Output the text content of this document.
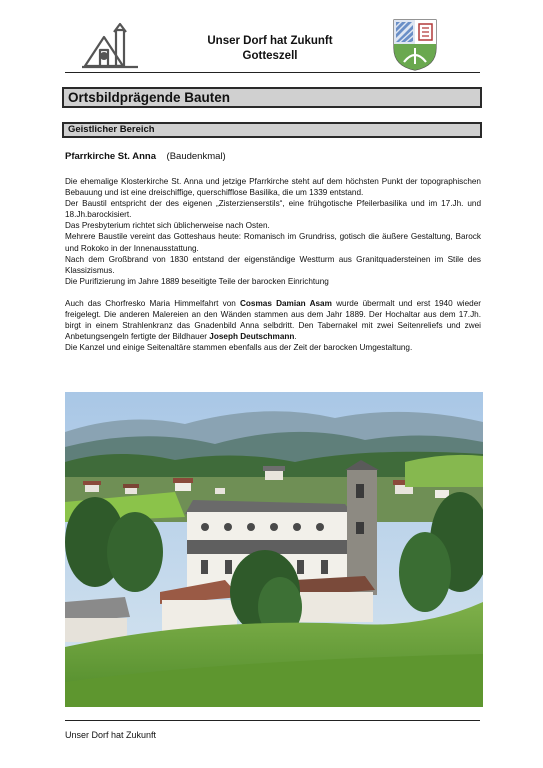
Unser Dorf hat Zukunft
Gotteszell
Ortsbildprägende Bauten
Geistlicher Bereich
Pfarrkirche St. Anna (Baudenkmal)

Die ehemalige Klosterkirche St. Anna und jetzige Pfarrkirche steht auf dem höchsten Punkt der topographischen Bebauung und ist eine dreischiffige, querschifflose Basilika, die um 1339 entstand.

Der Baustil entspricht der des eigenen „Zisterzienserstils“, eine frühgotische Pfeilerbasilika und im 17.Jh. und 18.Jh.barockisiert.

Das Presbyterium richtet sich üblicherweise nach Osten.

Mehrere Baustile vereint das Gotteshaus heute: Romanisch im Grundriss, gotisch die äußere Gestaltung, Barock und Rokoko in der Innenausstattung.

Nach dem Großbrand von 1830 entstand der eigenständige Westturm aus Granitquadersteinen im Stile des Klassizismus.

Die Purifizierung im Jahre 1889 beseitigte Teile der barocken Einrichtung

Auch das Chorfresko Maria Himmelfahrt von Cosmas Damian Asam wurde übermalt und erst 1940 wieder freigelegt. Die anderen Malereien an den Wänden stammen aus dem Jahr 1889. Der Hochaltar aus dem 17.Jh. birgt in einem Strahlenkranz das Gnadenbild Anna selbdritt. Den Tabernakel mit zwei Seitenreliefs und zwei Anbetungsengeln fertigte der Bildhauer Joseph Deutschmann.

Die Kanzel und einige Seitenaltäre stammen ebenfalls aus der Zeit der barocken Umgestaltung.

Unser Dorf hat Zukunft
